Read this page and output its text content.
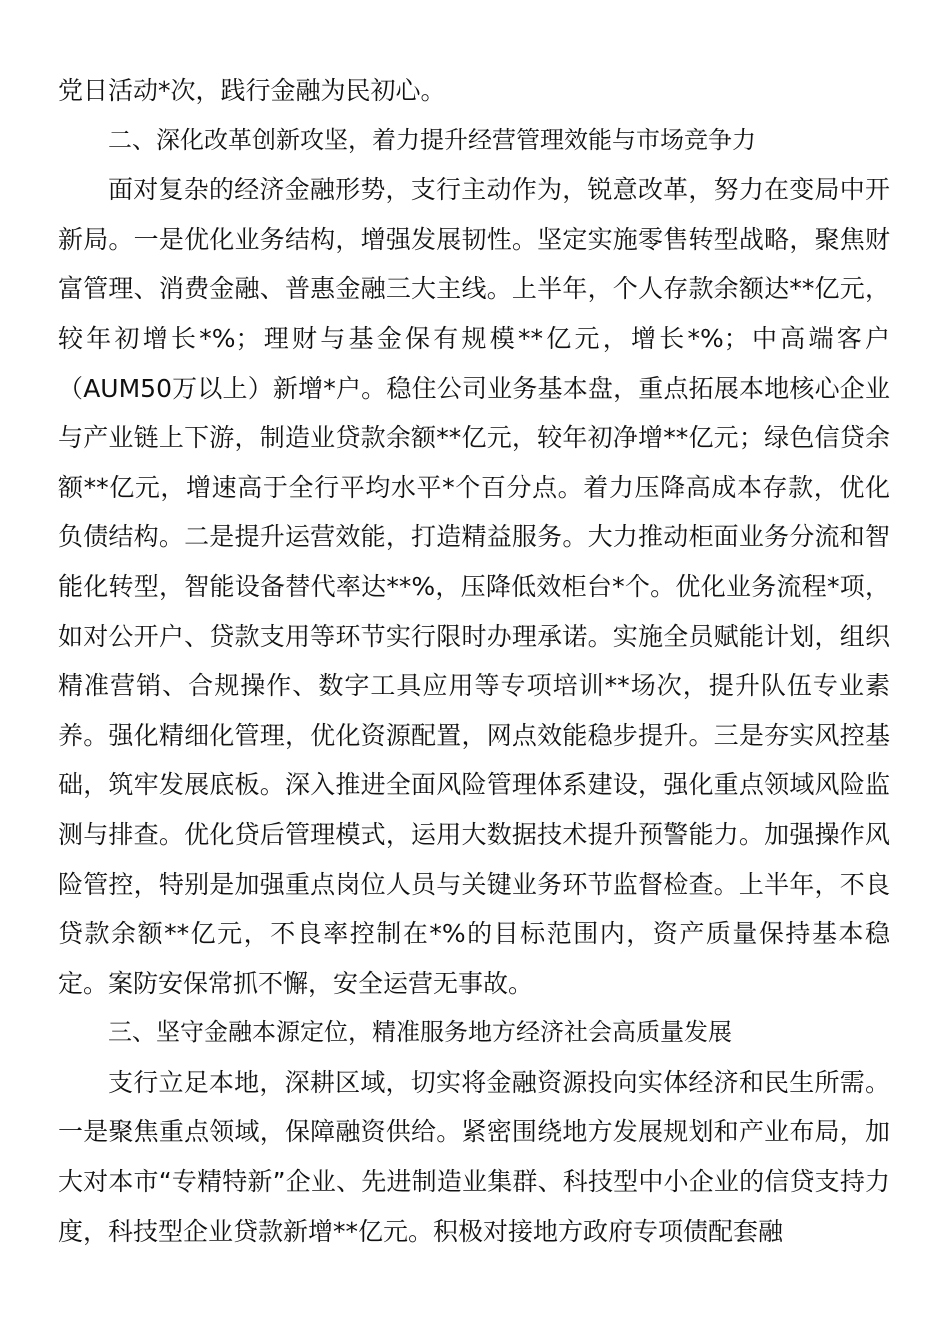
党日活动*次，践行金融为民初心。

二、深化改革创新攻坚，着力提升经营管理效能与市场竞争力

面对复杂的经济金融形势，支行主动作为，锐意改革，努力在变局中开新局。一是优化业务结构，增强发展韧性。坚定实施零售转型战略，聚焦财富管理、消费金融、普惠金融三大主线。上半年，个人存款余额达**亿元，较年初增长*%；理财与基金保有规模**亿元，增长*%；中高端客户（AUM50万以上）新增*户。稳住公司业务基本盘，重点拓展本地核心企业与产业链上下游，制造业贷款余额**亿元，较年初净增**亿元；绿色信贷余额**亿元，增速高于全行平均水平*个百分点。着力压降高成本存款，优化负债结构。二是提升运营效能，打造精益服务。大力推动柜面业务分流和智能化转型，智能设备替代率达**%，压降低效柜台*个。优化业务流程*项，如对公开户、贷款支用等环节实行限时办理承诺。实施全员赋能计划，组织精准营销、合规操作、数字工具应用等专项培训**场次，提升队伍专业素养。强化精细化管理，优化资源配置，网点效能稳步提升。三是夯实风控基础，筑牢发展底板。深入推进全面风险管理体系建设，强化重点领域风险监测与排查。优化贷后管理模式，运用大数据技术提升预警能力。加强操作风险管控，特别是加强重点岗位人员与关键业务环节监督检查。上半年，不良贷款余额**亿元，不良率控制在*%的目标范围内，资产质量保持基本稳定。案防安保常抓不懈，安全运营无事故。

三、坚守金融本源定位，精准服务地方经济社会高质量发展

支行立足本地，深耕区域，切实将金融资源投向实体经济和民生所需。一是聚焦重点领域，保障融资供给。紧密围绕地方发展规划和产业布局，加大对本市“专精特新”企业、先进制造业集群、科技型中小企业的信贷支持力度，科技型企业贷款新增**亿元。积极对接地方政府专项债配套融
